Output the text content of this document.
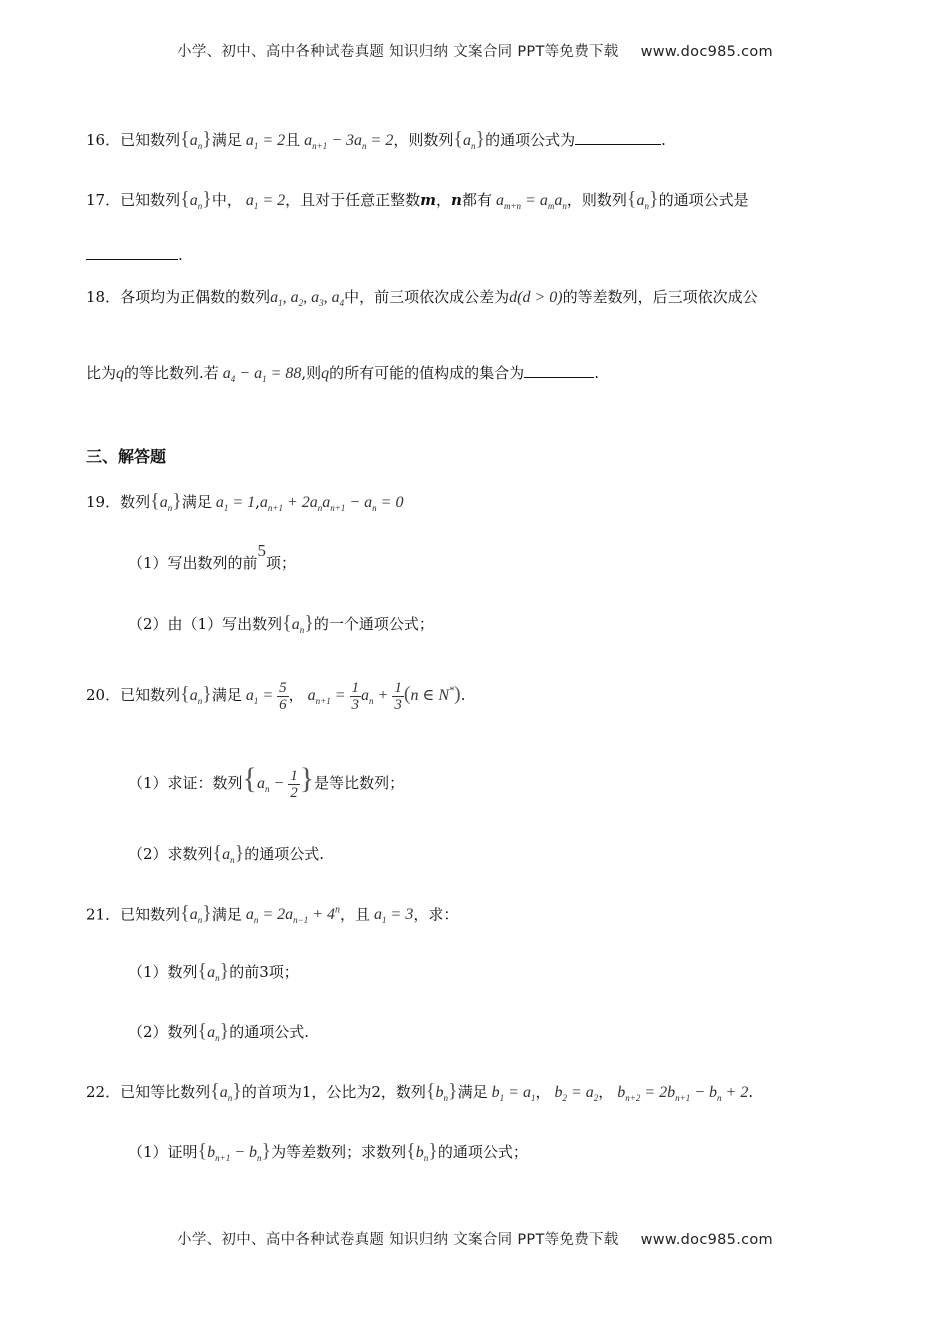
小学、初中、高中各种试卷真题 知识归纳 文案合同 PPT等免费下载 www.doc985.com
16．已知数列$\{a_n\}$满足 $a_1 = 2$且 $a_{n+1} - 3a_n = 2$，则数列$\{a_n\}$的通项公式为	.
17．已知数列$\{a_n\}$中， $a_1 = 2$，且对于任意正整数m，n都有 $a_{m+n} = a_ma_n$，则数列$\{a_n\}$的通项公式是
.
18．各项均为正偶数的数列$a_1$, $a_2$, $a_3$, $a_4$中，前三项依次成公差为d(d > 0)的等差数列，后三项依次成公
比为q的等比数列.若 $a_4 - a_1 = 88$,则q的所有可能的值构成的集合为	.
三、解答题
19．数列$\{a_n\}$满足 $a_1 = 1,a_{n+1} + 2a_na_{n+1} - a_n = 0$
（1）写出数列的前5项；
（2）由（1）写出数列$\{a_n\}$的一个通项公式；
20．已知数列$\{a_n\}$满足 $a_1 = \frac{5}{6}$ ， $a_{n+1} = \frac{1}{3} a_n + \frac{1}{3} (n$ ∈ N*).
（1）求证：数列{$a_n - \frac{1}{2}$ }是等比数列；
（2）求数列$\{a_n\}$的通项公式.
21．已知数列$\{a_n\}$满足 $a_n = 2a_{n-1} + 4^n$，且 $a_1 = 3$，求：
（1）数列$\{a_n\}$的前3项；
（2）数列$\{a_n\}$的通项公式.
22．已知等比数列$\{a_n\}$的首项为1，公比为2，数列$\{b_n\}$满足 $b_1 = a_1$， $b_2 = a_2$， $b_{n+2} = 2b_{n+1} - b_n + 2$.
（1）证明$\{b_{n+1} - b_n\}$为等差数列；求数列$\{b_n\}$的通项公式；
小学、初中、高中各种试卷真题 知识归纳 文案合同 PPT等免费下载 www.doc985.com
